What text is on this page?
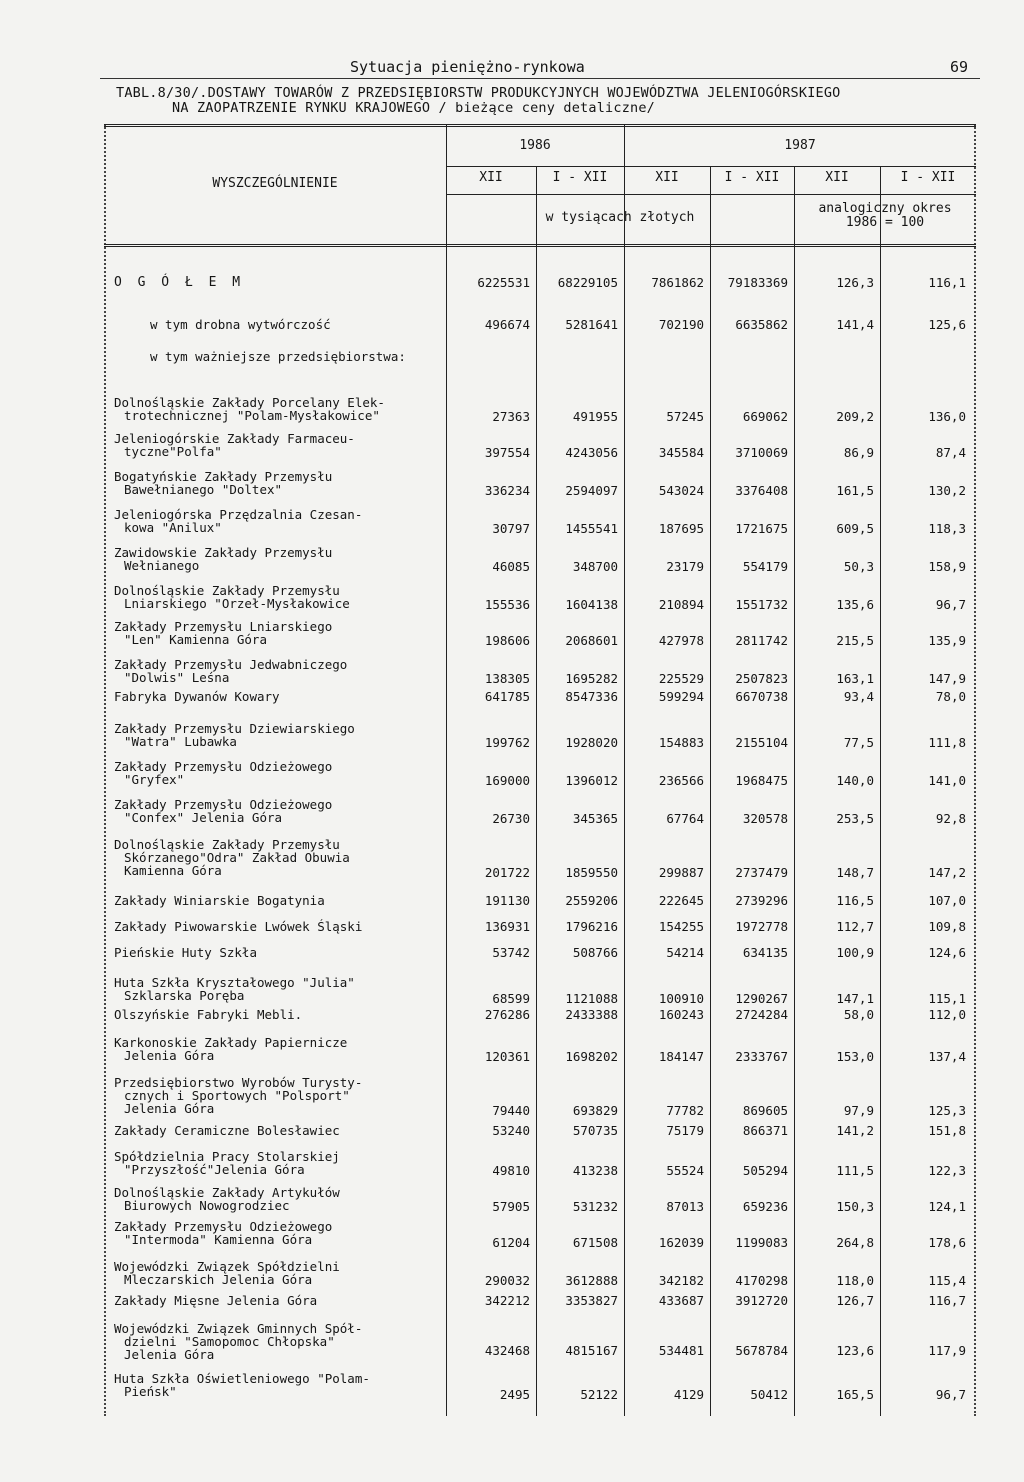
Sytuacja pieniężno-rynkowa	69
TABL.8/30/.DOSTAWY TOWARÓW Z PRZEDSIĘBIORSTW PRODUKCYJNYCH WOJEWÓDZTWA JELENIOGÓRSKIEGO
NA ZAOPATRZENIE RYNKU KRAJOWEGO / bieżące ceny detaliczne/
WYSZCZEGÓLNIENIE
1986	1987
XII	I - XII	XII	I - XII	XII	I - XII
w tysiącach złotych
analogiczny okres
1986 = 100
O G Ó Ł E M	6225531	68229105	7861862	79183369	126,3	116,1
w tym drobna wytwórczość	496674	5281641	702190	6635862	141,4	125,6
w tym ważniejsze przedsiębiorstwa:
Dolnośląskie Zakłady Porcelany Elek-
trotechnicznej "Polam-Mysłakowice"	27363	491955	57245	669062	209,2	136,0
Jeleniogórskie Zakłady Farmaceu-
tyczne"Polfa"	397554	4243056	345584	3710069	86,9	87,4
Bogatyńskie Zakłady Przemysłu
Bawełnianego "Doltex"	336234	2594097	543024	3376408	161,5	130,2
Jeleniogórska Przędzalnia Czesan-
kowa "Anilux"	30797	1455541	187695	1721675	609,5	118,3
Zawidowskie Zakłady Przemysłu
Wełnianego	46085	348700	23179	554179	50,3	158,9
Dolnośląskie Zakłady Przemysłu
Lniarskiego "Orzeł-Mysłakowice	155536	1604138	210894	1551732	135,6	96,7
Zakłady Przemysłu Lniarskiego
"Len" Kamienna Góra	198606	2068601	427978	2811742	215,5	135,9
Zakłady Przemysłu Jedwabniczego
"Dolwis" Leśna	138305	1695282	225529	2507823	163,1	147,9
Fabryka Dywanów Kowary	641785	8547336	599294	6670738	93,4	78,0
Zakłady Przemysłu Dziewiarskiego
"Watra" Lubawka	199762	1928020	154883	2155104	77,5	111,8
Zakłady Przemysłu Odzieżowego
"Gryfex"	169000	1396012	236566	1968475	140,0	141,0
Zakłady Przemysłu Odzieżowego
"Confex" Jelenia Góra	26730	345365	67764	320578	253,5	92,8
Dolnośląskie Zakłady Przemysłu
Skórzanego"Odra" Zakład Obuwia
Kamienna Góra	201722	1859550	299887	2737479	148,7	147,2
Zakłady Winiarskie Bogatynia	191130	2559206	222645	2739296	116,5	107,0
Zakłady Piwowarskie Lwówek Śląski	136931	1796216	154255	1972778	112,7	109,8
Pieńskie Huty Szkła	53742	508766	54214	634135	100,9	124,6
Huta Szkła Kryształowego "Julia"
Szklarska Poręba	68599	1121088	100910	1290267	147,1	115,1
Olszyńskie Fabryki Mebli.	276286	2433388	160243	2724284	58,0	112,0
Karkonoskie Zakłady Papiernicze
Jelenia Góra	120361	1698202	184147	2333767	153,0	137,4
Przedsiębiorstwo Wyrobów Turysty-
cznych i Sportowych "Polsport"
Jelenia Góra	79440	693829	77782	869605	97,9	125,3
Zakłady Ceramiczne Bolesławiec	53240	570735	75179	866371	141,2	151,8
Spółdzielnia Pracy Stolarskiej
"Przyszłość"Jelenia Góra	49810	413238	55524	505294	111,5	122,3
Dolnośląskie Zakłady Artykułów
Biurowych Nowogrodziec	57905	531232	87013	659236	150,3	124,1
Zakłady Przemysłu Odzieżowego
"Intermoda" Kamienna Góra	61204	671508	162039	1199083	264,8	178,6
Wojewódzki Związek Spółdzielni
Mleczarskich Jelenia Góra	290032	3612888	342182	4170298	118,0	115,4
Zakłady Mięsne Jelenia Góra	342212	3353827	433687	3912720	126,7	116,7
Wojewódzki Związek Gminnych Spół-
dzielni "Samopomoc Chłopska"
Jelenia Góra	432468	4815167	534481	5678784	123,6	117,9
Huta Szkła Oświetleniowego "Polam-
Pieńsk"	2495	52122	4129	50412	165,5	96,7
